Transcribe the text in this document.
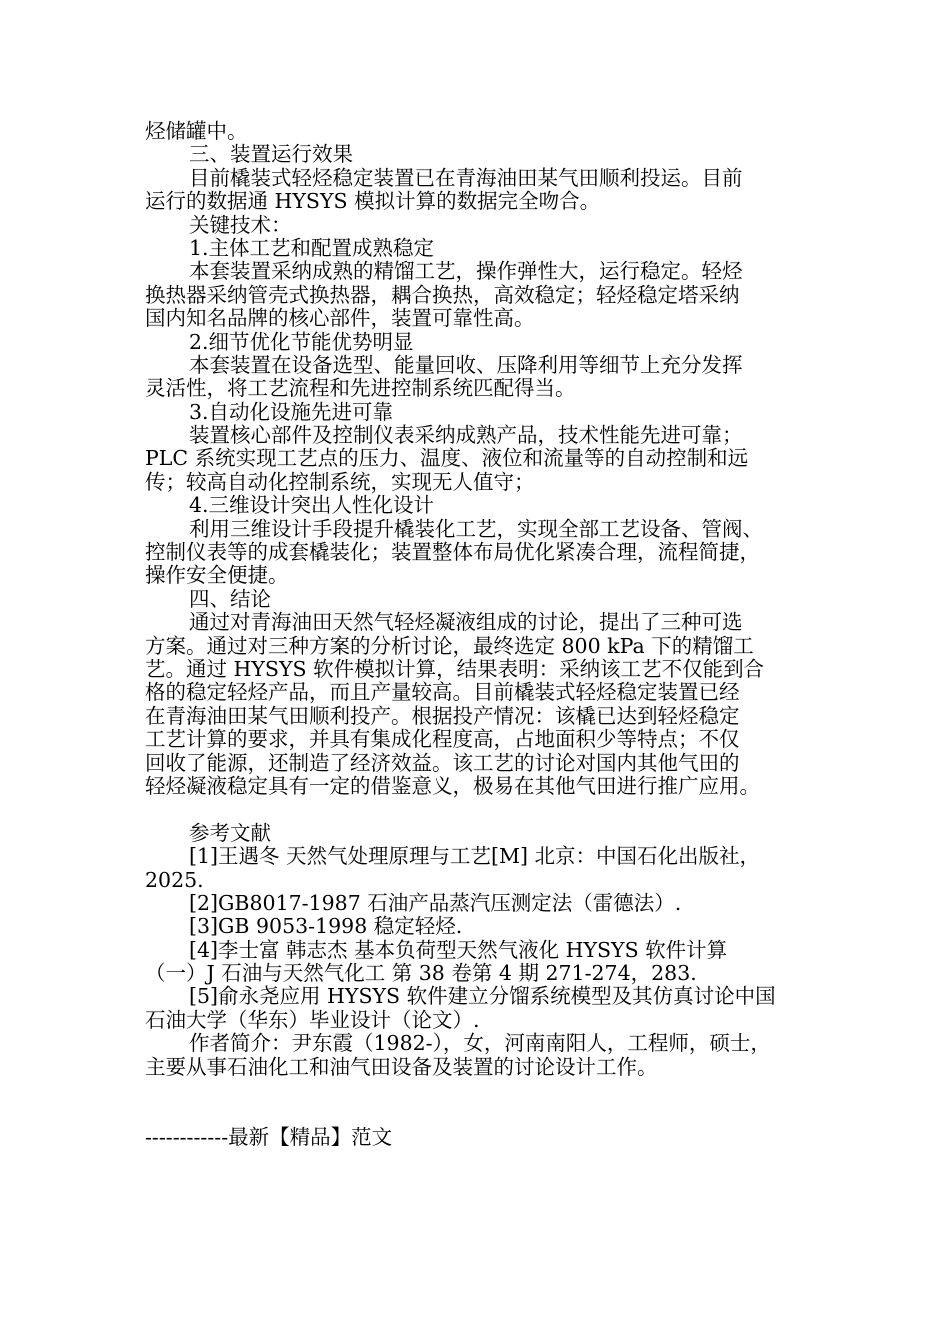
烃储罐中。
三、装置运行效果
目前橇装式轻烃稳定装置已在青海油田某气田顺利投运。目前
运行的数据通 HYSYS 模拟计算的数据完全吻合。
关键技术：
1.主体工艺和配置成熟稳定
本套装置采纳成熟的精馏工艺，操作弹性大，运行稳定。轻烃
换热器采纳管壳式换热器，耦合换热，高效稳定；轻烃稳定塔采纳
国内知名品牌的核心部件，装置可靠性高。
2.细节优化节能优势明显
本套装置在设备选型、能量回收、压降利用等细节上充分发挥
灵活性，将工艺流程和先进控制系统匹配得当。
3.自动化设施先进可靠
装置核心部件及控制仪表采纳成熟产品，技术性能先进可靠；
PLC 系统实现工艺点的压力、温度、液位和流量等的自动控制和远
传；较高自动化控制系统，实现无人值守；
4.三维设计突出人性化设计
利用三维设计手段提升橇装化工艺，实现全部工艺设备、管阀、
控制仪表等的成套橇装化；装置整体布局优化紧凑合理，流程简捷，
操作安全便捷。
四、结论
通过对青海油田天然气轻烃凝液组成的讨论，提出了三种可选
方案。通过对三种方案的分析讨论，最终选定 800 kPa 下的精馏工
艺。通过 HYSYS 软件模拟计算，结果表明：采纳该工艺不仅能到合
格的稳定轻烃产品，而且产量较高。目前橇装式轻烃稳定装置已经
在青海油田某气田顺利投产。根据投产情况：该橇已达到轻烃稳定
工艺计算的要求，并具有集成化程度高，占地面积少等特点；不仅
回收了能源，还制造了经济效益。该工艺的讨论对国内其他气田的
轻烃凝液稳定具有一定的借鉴意义，极易在其他气田进行推广应用。
参考文献
[1]王遇冬 天然气处理原理与工艺[M] 北京：中国石化出版社，
2025.
[2]GB8017-1987 石油产品蒸汽压测定法（雷德法）.
[3]GB 9053-1998 稳定轻烃.
[4]李士富 韩志杰 基本负荷型天然气液化 HYSYS 软件计算
（一）J 石油与天然气化工 第 38 卷第 4 期 271-274，283.
[5]俞永尧应用 HYSYS 软件建立分馏系统模型及其仿真讨论中国
石油大学（华东）毕业设计（论文）.
作者简介：尹东霞（1982-），女，河南南阳人，工程师，硕士，
主要从事石油化工和油气田设备及装置的讨论设计工作。
------------最新【精品】范文
